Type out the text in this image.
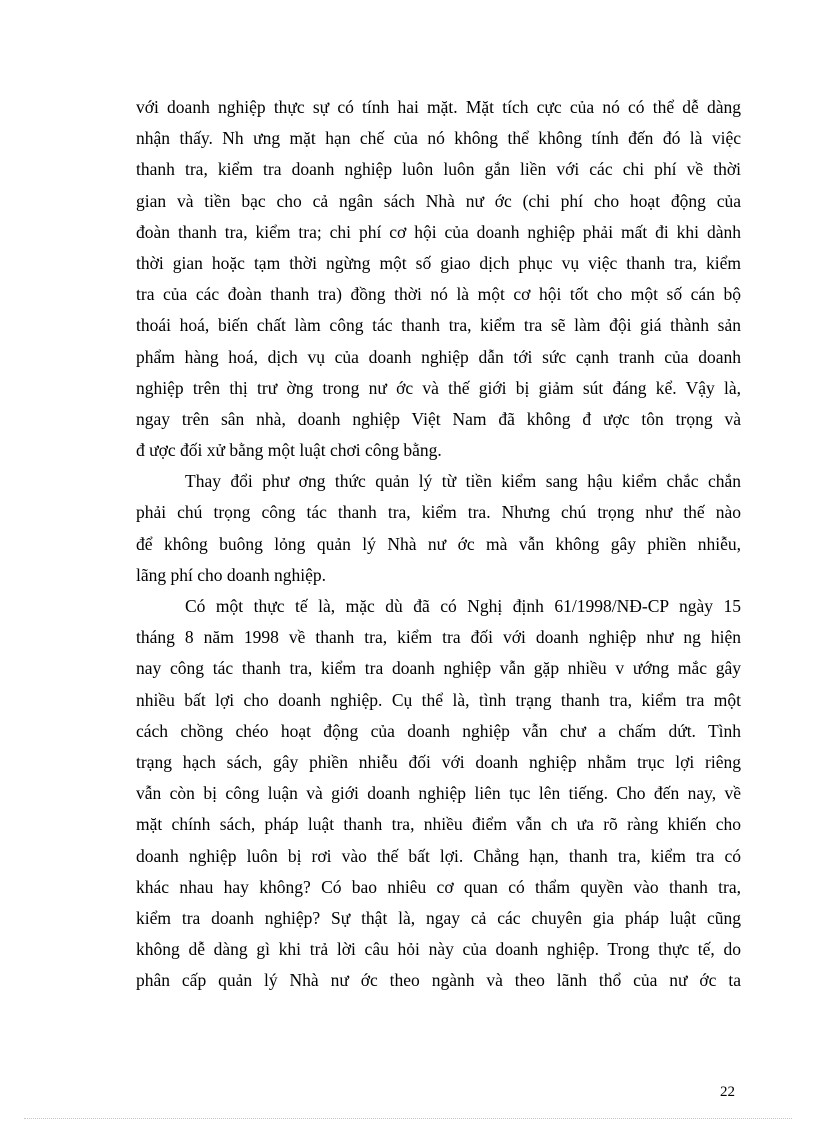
với doanh nghiệp thực sự có tính hai mặt. Mặt tích cực của nó có thể dễ dàng
nhận thấy. Nh ưng mặt hạn chế của nó không thể không tính đến đó là việc
thanh tra, kiểm tra doanh nghiệp luôn luôn gắn liền với các chi phí về thời
gian và tiền bạc cho cả ngân sách Nhà nư ớc (chi phí cho hoạt động của
đoàn thanh tra, kiểm tra; chi phí cơ hội của doanh nghiệp phải mất đi khi dành
thời gian hoặc tạm thời ngừng một số giao dịch phục vụ việc thanh tra, kiểm
tra của các đoàn thanh tra) đồng thời nó là một cơ hội tốt cho một số cán bộ
thoái hoá, biến chất làm công tác thanh tra, kiểm tra sẽ làm đội giá thành sản
phẩm hàng hoá, dịch vụ của doanh nghiệp dẫn tới sức cạnh tranh của doanh
nghiệp trên thị trư ờng trong nư ớc và thế giới bị giảm sút đáng kể. Vậy là,
ngay trên sân nhà, doanh nghiệp Việt Nam đã không đ ược tôn trọng và
đ ược đối xử bằng một luật chơi công bằng.
Thay đổi phư ơng thức quản lý từ tiền kiểm sang hậu kiểm chắc chắn
phải chú trọng công tác thanh tra, kiểm tra. Nhưng chú trọng như thế nào
để không buông lỏng quản lý Nhà nư ớc mà vẫn không gây phiền nhiễu,
lãng phí cho doanh nghiệp.
Có một thực tế là, mặc dù đã có Nghị định 61/1998/NĐ-CP ngày 15
tháng 8 năm 1998 về thanh tra, kiểm tra đối với doanh nghiệp như ng hiện
nay công tác thanh tra, kiểm tra doanh nghiệp vẫn gặp nhiều v ướng mắc gây
nhiều bất lợi cho doanh nghiệp. Cụ thể là, tình trạng thanh tra, kiểm tra một
cách chồng chéo hoạt động của doanh nghiệp vẫn chư a chấm dứt. Tình
trạng hạch sách, gây phiền nhiễu đối với doanh nghiệp nhằm trục lợi riêng
vẫn còn bị công luận và giới doanh nghiệp liên tục lên tiếng. Cho đến nay, về
mặt chính sách, pháp luật thanh tra, nhiều điểm vẫn ch ưa rõ ràng khiến cho
doanh nghiệp luôn bị rơi vào thế bất lợi. Chẳng hạn, thanh tra, kiểm tra có
khác nhau hay không? Có bao nhiêu cơ quan có thẩm quyền vào thanh tra,
kiểm tra doanh nghiệp? Sự thật là, ngay cả các chuyên gia pháp luật cũng
không dễ dàng gì khi trả lời câu hỏi này của doanh nghiệp. Trong thực tế, do
phân cấp quản lý Nhà nư ớc theo ngành và theo lãnh thổ của nư ớc ta
22
